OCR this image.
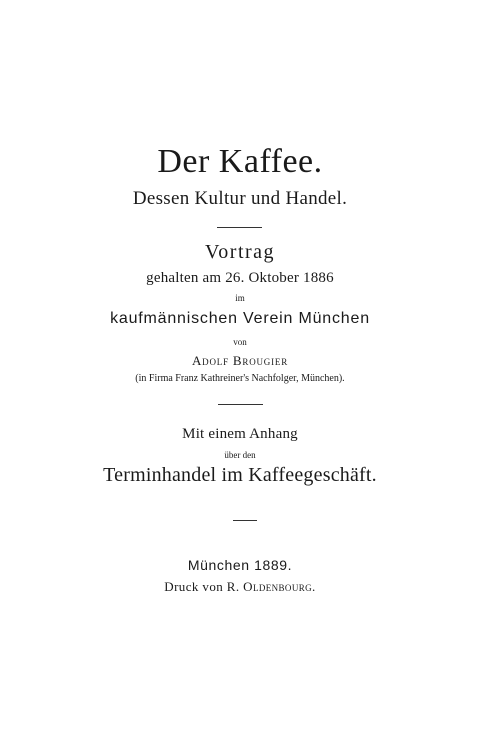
Der Kaffee.
Dessen Kultur und Handel.
Vortrag
gehalten am 26. Oktober 1886
im
kaufmännischen Verein München
von
Adolf Brougier
(in Firma Franz Kathreiner's Nachfolger, München).
Mit einem Anhang
über den
Terminhandel im Kaffeegeschäft.
München 1889.
Druck von R. Oldenbourg.
